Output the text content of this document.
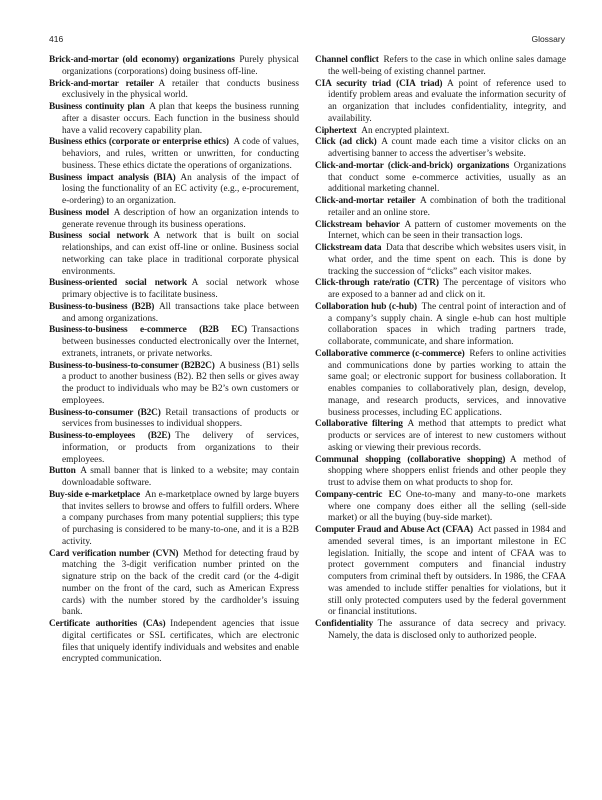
416	Glossary

Brick-and-mortar (old economy) organizations  Purely physical organizations (corporations) doing business off-line.

Brick-and-mortar retailer  A retailer that conducts business exclusively in the physical world.

Business continuity plan  A plan that keeps the business running after a disaster occurs. Each function in the business should have a valid recovery capability plan.

Business ethics (corporate or enterprise ethics)  A code of values, behaviors, and rules, written or unwritten, for conducting business. These ethics dictate the operations of organizations.

Business impact analysis (BIA)  An analysis of the impact of losing the functionality of an EC activity (e.g., e-procurement, e-ordering) to an organization.

Business model  A description of how an organization intends to generate revenue through its business operations.

Business social network  A network that is built on social relationships, and can exist off-line or online. Business social networking can take place in traditional corporate physical environments.

Business-oriented social network  A social network whose primary objective is to facilitate business.

Business-to-business (B2B)  All transactions take place between and among organizations.

Business-to-business e-commerce (B2B EC)  Transactions between businesses conducted electronically over the Internet, extranets, intranets, or private networks.

Business-to-business-to-consumer (B2B2C)  A business (B1) sells a product to another business (B2). B2 then sells or gives away the product to individuals who may be B2’s own customers or employees.

Business-to-consumer (B2C)  Retail transactions of products or services from businesses to individual shoppers.

Business-to-employees (B2E)  The delivery of services, information, or products from organizations to their employees.

Button  A small banner that is linked to a website; may contain downloadable software.

Buy-side e-marketplace  An e-marketplace owned by large buyers that invites sellers to browse and offers to fulfill orders. Where a company purchases from many potential suppliers; this type of purchasing is considered to be many-to-one, and it is a B2B activity.

Card verification number (CVN)  Method for detecting fraud by matching the 3-digit verification number printed on the signature strip on the back of the credit card (or the 4-digit number on the front of the card, such as American Express cards) with the number stored by the cardholder’s issuing bank.

Certificate authorities (CAs)  Independent agencies that issue digital certificates or SSL certificates, which are electronic files that uniquely identify individuals and websites and enable encrypted communication.

Channel conflict  Refers to the case in which online sales damage the well-being of existing channel partner.

CIA security triad (CIA triad)  A point of reference used to identify problem areas and evaluate the information security of an organization that includes confidentiality, integrity, and availability.

Ciphertext  An encrypted plaintext.

Click (ad click)  A count made each time a visitor clicks on an advertising banner to access the advertiser’s website.

Click-and-mortar (click-and-brick) organizations  Organizations that conduct some e-commerce activities, usually as an additional marketing channel.

Click-and-mortar retailer  A combination of both the traditional retailer and an online store.

Clickstream behavior  A pattern of customer movements on the Internet, which can be seen in their transaction logs.

Clickstream data  Data that describe which websites users visit, in what order, and the time spent on each. This is done by tracking the succession of “clicks” each visitor makes.

Click-through rate/ratio (CTR)  The percentage of visitors who are exposed to a banner ad and click on it.

Collaboration hub (c-hub)  The central point of interaction and of a company’s supply chain. A single e-hub can host multiple collaboration spaces in which trading partners trade, collaborate, communicate, and share information.

Collaborative commerce (c-commerce)  Refers to online activities and communications done by parties working to attain the same goal; or electronic support for business collaboration. It enables companies to collaboratively plan, design, develop, manage, and research products, services, and innovative business processes, including EC applications.

Collaborative filtering  A method that attempts to predict what products or services are of interest to new customers without asking or viewing their previous records.

Communal shopping (collaborative shopping)  A method of shopping where shoppers enlist friends and other people they trust to advise them on what products to shop for.

Company-centric EC  One-to-many and many-to-one markets where one company does either all the selling (sell-side market) or all the buying (buy-side market).

Computer Fraud and Abuse Act (CFAA)  Act passed in 1984 and amended several times, is an important milestone in EC legislation. Initially, the scope and intent of CFAA was to protect government computers and financial industry computers from criminal theft by outsiders. In 1986, the CFAA was amended to include stiffer penalties for violations, but it still only protected computers used by the federal government or financial institutions.

Confidentiality  The assurance of data secrecy and privacy. Namely, the data is disclosed only to authorized people.
